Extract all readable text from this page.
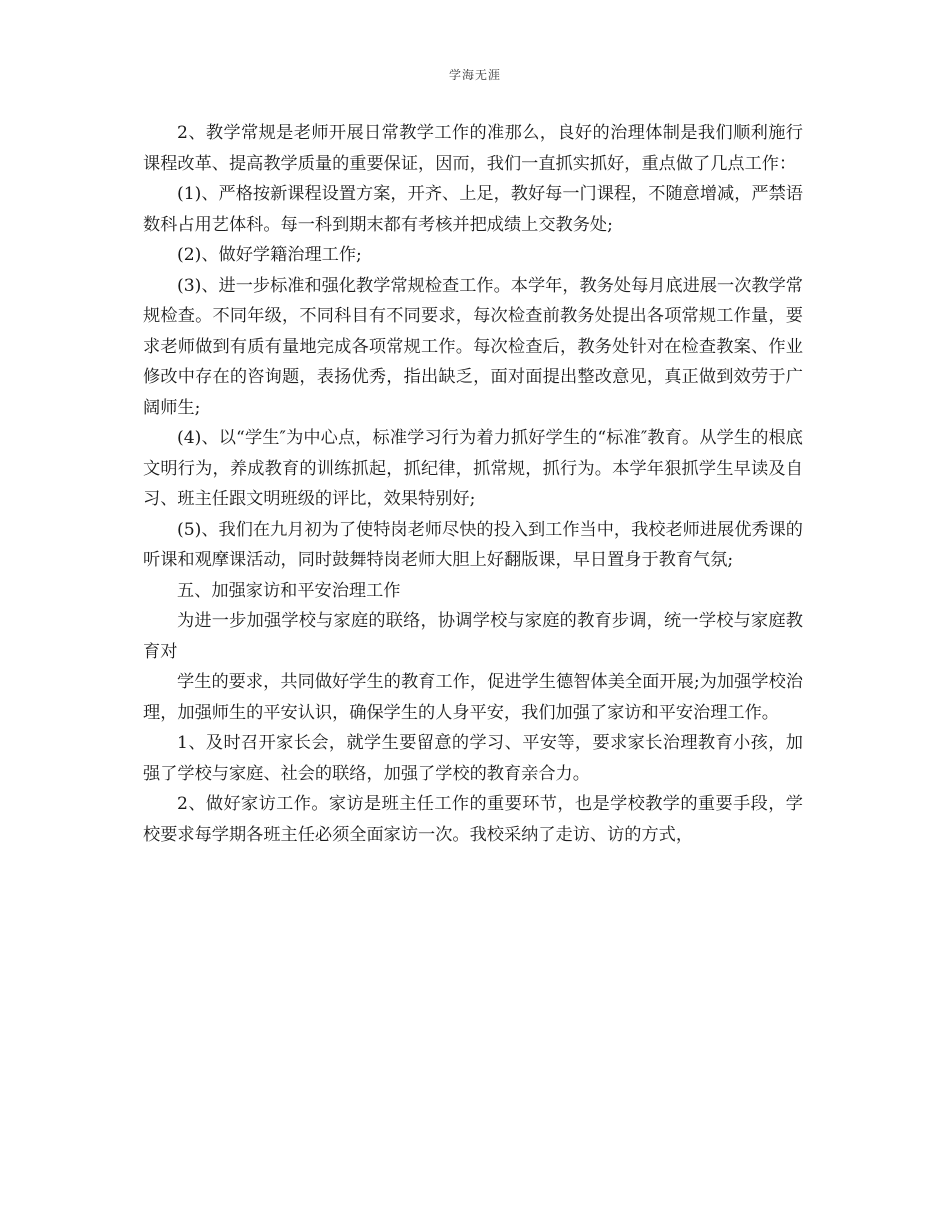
学海无涯

2、教学常规是老师开展日常教学工作的准那么，良好的治理体制是我们顺利施行课程改革、提高教学质量的重要保证，因而，我们一直抓实抓好，重点做了几点工作：

(1)、严格按新课程设置方案，开齐、上足，教好每一门课程，不随意增减，严禁语数科占用艺体科。每一科到期末都有考核并把成绩上交教务处;

(2)、做好学籍治理工作;

(3)、进一步标准和强化教学常规检查工作。本学年，教务处每月底进展一次教学常规检查。不同年级，不同科目有不同要求，每次检查前教务处提出各项常规工作量，要求老师做到有质有量地完成各项常规工作。每次检查后，教务处针对在检查教案、作业修改中存在的咨询题，表扬优秀，指出缺乏，面对面提出整改意见，真正做到效劳于广阔师生;

(4)、以“学生″为中心点，标准学习行为着力抓好学生的“标准″教育。从学生的根底文明行为，养成教育的训练抓起，抓纪律，抓常规，抓行为。本学年狠抓学生早读及自习、班主任跟文明班级的评比，效果特别好;

(5)、我们在九月初为了使特岗老师尽快的投入到工作当中，我校老师进展优秀课的听课和观摩课活动，同时鼓舞特岗老师大胆上好翻版课，早日置身于教育气氛;

五、加强家访和平安治理工作

为进一步加强学校与家庭的联络，协调学校与家庭的教育步调，统一学校与家庭教育对

学生的要求，共同做好学生的教育工作，促进学生德智体美全面开展;为加强学校治理，加强师生的平安认识，确保学生的人身平安，我们加强了家访和平安治理工作。

1、及时召开家长会，就学生要留意的学习、平安等，要求家长治理教育小孩，加强了学校与家庭、社会的联络，加强了学校的教育亲合力。

2、做好家访工作。家访是班主任工作的重要环节，也是学校教学的重要手段，学校要求每学期各班主任必须全面家访一次。我校采纳了走访、访的方式，
